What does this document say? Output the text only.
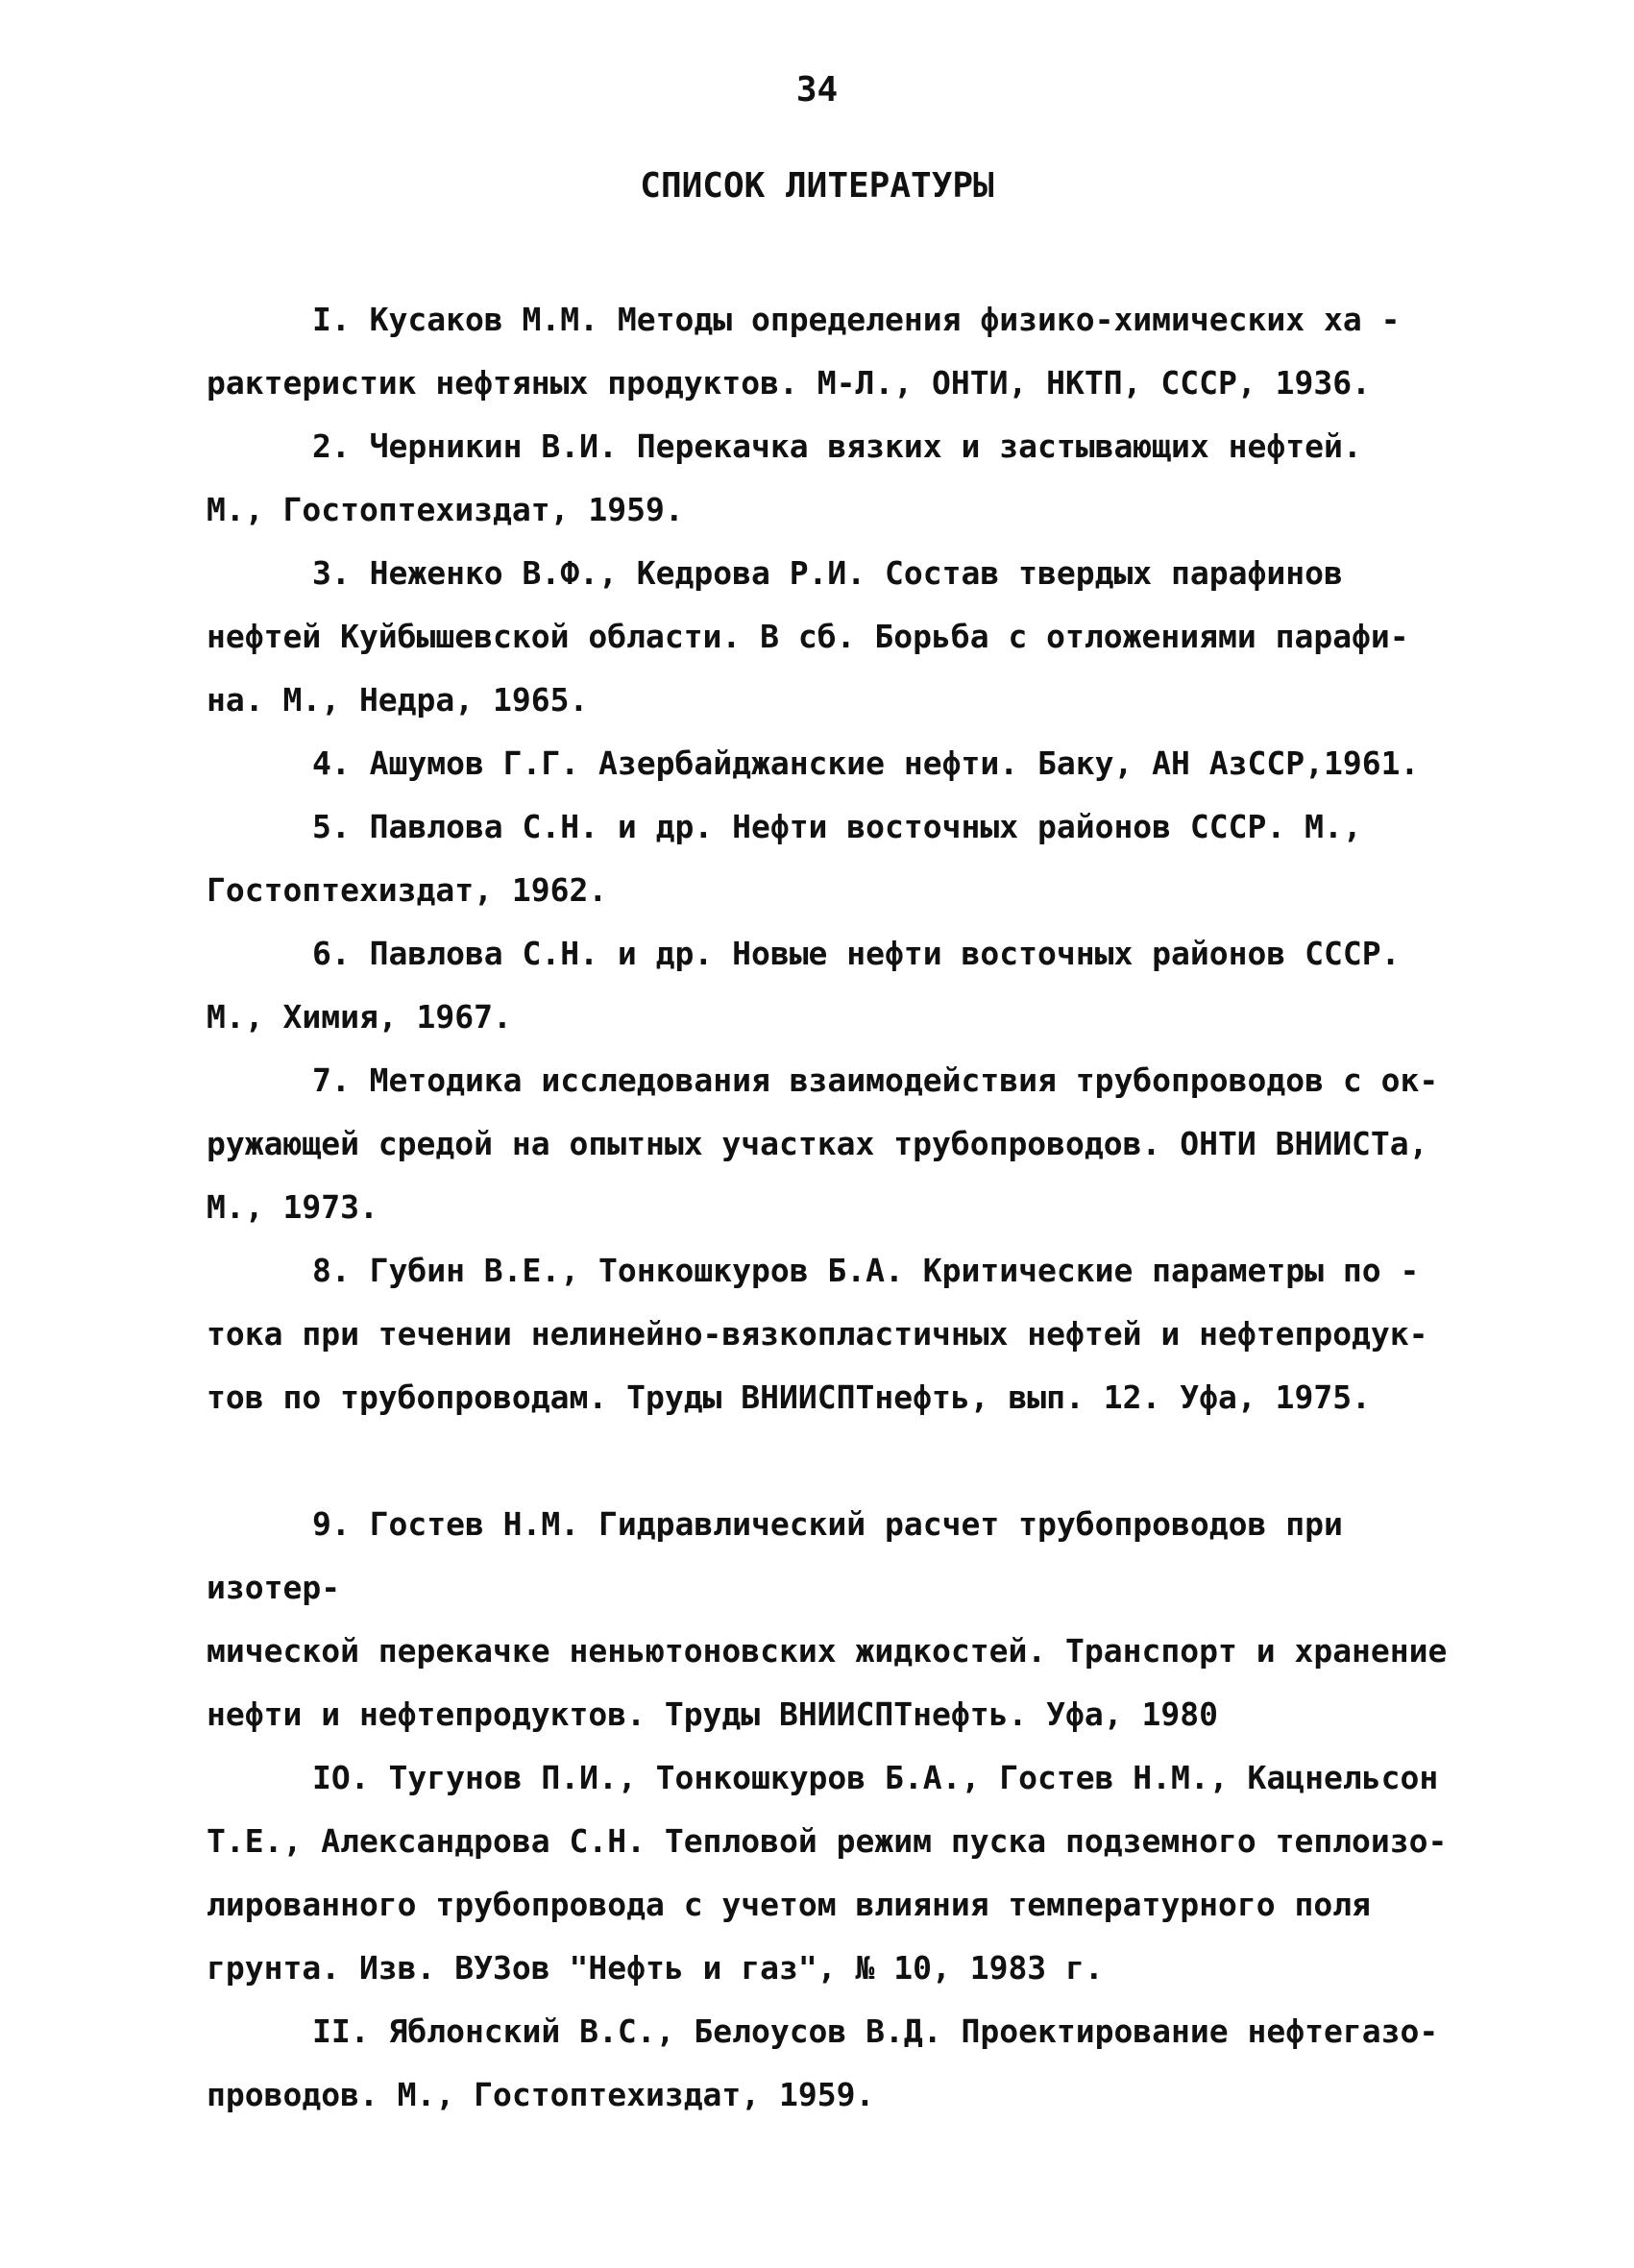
34
СПИСОК ЛИТЕРАТУРЫ

I. Кусаков М.М. Методы определения физико-химических ха -
рактеристик нефтяных продуктов. М-Л., ОНТИ, НКТП, СССР, 1936.

2. Черникин В.И. Перекачка вязких и застывающих нефтей.
М., Гостоптехиздат, 1959.

3. Неженко В.Ф., Кедрова Р.И. Состав твердых парафинов
нефтей Куйбышевской области. В сб. Борьба с отложениями парафи-
на. М., Недра, 1965.

4. Ашумов Г.Г. Азербайджанские нефти. Баку, АН АзССР,1961.

5. Павлова С.Н. и др. Нефти восточных районов СССР. М.,
Гостоптехиздат, 1962.

6. Павлова С.Н. и др. Новые нефти восточных районов СССР.
М., Химия, 1967.

7. Методика исследования взаимодействия трубопроводов с ок-
ружающей средой на опытных участках трубопроводов. ОНТИ ВНИИСТа,
М., 1973.

8. Губин В.Е., Тонкошкуров Б.А. Критические параметры по -
тока при течении нелинейно-вязкопластичных нефтей и нефтепродук-
тов по трубопроводам. Труды ВНИИСПТнефть, вып. 12. Уфа, 1975.

9. Гостев Н.М. Гидравлический расчет трубопроводов при изотер-
мической перекачке неньютоновских жидкостей. Транспорт и хранение
нефти и нефтепродуктов. Труды ВНИИСПТнефть. Уфа, 1980

IO. Тугунов П.И., Тонкошкуров Б.А., Гостев Н.М., Кацнельсон
Т.Е., Александрова С.Н. Тепловой режим пуска подземного теплоизо-
лированного трубопровода с учетом влияния температурного поля
грунта. Изв. ВУЗов "Нефть и газ", № 10, 1983 г.

II. Яблонский В.С., Белоусов В.Д. Проектирование нефтегазо-
проводов. М., Гостоптехиздат, 1959.
